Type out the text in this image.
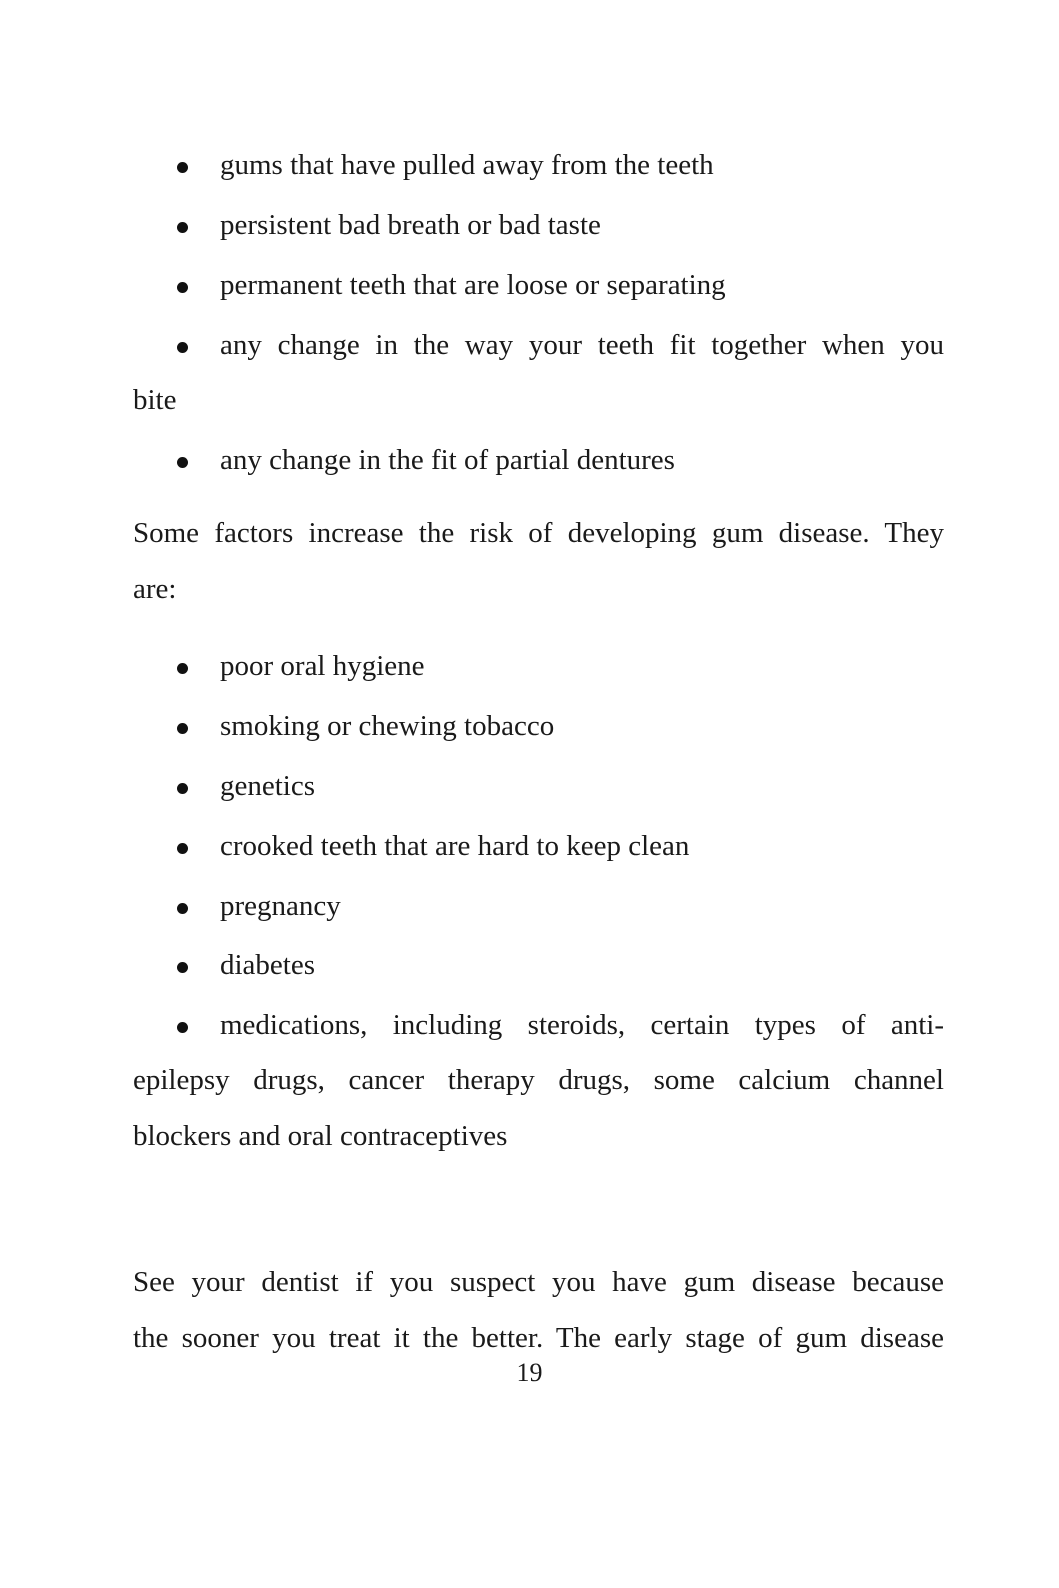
gums that have pulled away from the teeth
persistent bad breath or bad taste
permanent teeth that are loose or separating
any change in the way your teeth fit together when you
bite
any change in the fit of partial dentures
Some factors increase the risk of developing gum disease. They
are:
poor oral hygiene
smoking or chewing tobacco
genetics
crooked teeth that are hard to keep clean
pregnancy
diabetes
medications, including steroids, certain types of anti-
epilepsy drugs, cancer therapy drugs, some calcium channel
blockers and oral contraceptives
See your dentist if you suspect you have gum disease because
the sooner you treat it the better. The early stage of gum disease
19
